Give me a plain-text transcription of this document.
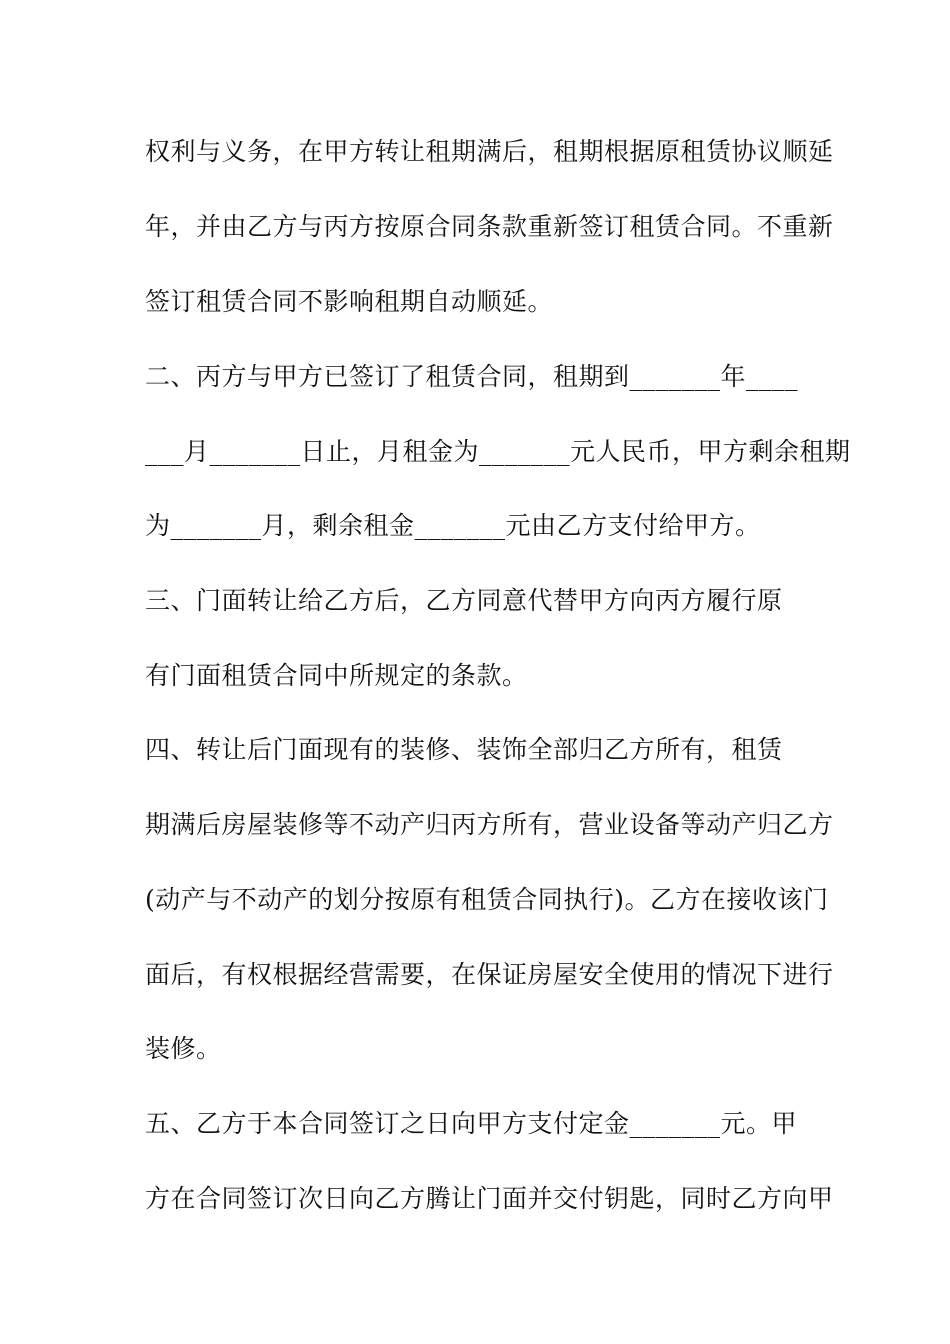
权利与义务，在甲方转让租期满后，租期根据原租赁协议顺延
年，并由乙方与丙方按原合同条款重新签订租赁合同。不重新
签订租赁合同不影响租期自动顺延。
二、丙方与甲方已签订了租赁合同，租期到_______年____
___月_______日止，月租金为_______元人民币，甲方剩余租期
为_______月，剩余租金_______元由乙方支付给甲方。
三、门面转让给乙方后，乙方同意代替甲方向丙方履行原
有门面租赁合同中所规定的条款。
四、转让后门面现有的装修、装饰全部归乙方所有，租赁
期满后房屋装修等不动产归丙方所有，营业设备等动产归乙方
(动产与不动产的划分按原有租赁合同执行)。乙方在接收该门
面后，有权根据经营需要，在保证房屋安全使用的情况下进行
装修。
五、乙方于本合同签订之日向甲方支付定金_______元。甲
方在合同签订次日向乙方腾让门面并交付钥匙，同时乙方向甲
